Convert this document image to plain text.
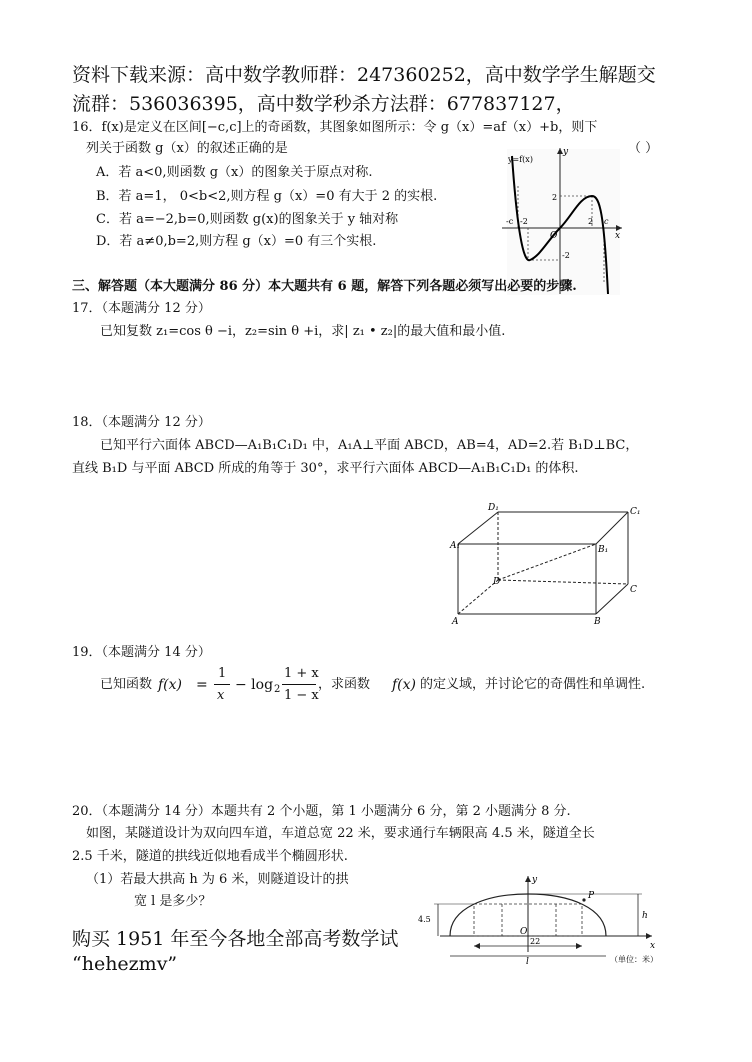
资料下载来源：高中数学教师群：247360252，高中数学学生解题交
流群：536036395，高中数学秒杀方法群：677837127，
16．f(x)是定义在区间[−c,c]上的奇函数，其图象如图所示：令 g（x）=af（x）+b，则下
列关于函数 g（x）的叙述正确的是	（ ）
A．若 a<0,则函数 g（x）的图象关于原点对称.
B．若 a=1， 0<b<2,则方程 g（x）=0 有大于 2 的实根.
C．若 a=−2,b=0,则函数 g(x)的图象关于 y 轴对称
D．若 a≠0,b=2,则方程 g（x）=0 有三个实根.
y=f(x)
y
x
O
-c -2
2
2 c
-2
三、解答题（本大题满分 86 分）本大题共有 6 题，解答下列各题必须写出必要的步骤.
17．（本题满分 12 分）
已知复数 z₁=cos θ −i，z₂=sin θ +i，求| z₁ • z₂|的最大值和最小值.
18．（本题满分 12 分）
已知平行六面体 ABCD—A₁B₁C₁D₁ 中，A₁A⊥平面 ABCD，AB=4，AD=2.若 B₁D⊥BC，
直线 B₁D 与平面 ABCD 所成的角等于 30°，求平行六面体 ABCD—A₁B₁C₁D₁ 的体积.
D₁	C₁
A₁	B₁
D
C
A	B
19．（本题满分 14 分）
已知函数 f(x) =
1
x
− log 2
1 + x
1 − x
，求函数 f(x) 的定义域，并讨论它的奇偶性和单调性.
20．（本题满分 14 分）本题共有 2 个小题，第 1 小题满分 6 分，第 2 小题满分 8 分.
如图，某隧道设计为双向四车道，车道总宽 22 米，要求通行车辆限高 4.5 米，隧道全长
2.5 千米，隧道的拱线近似地看成半个椭圆形状.
（1）若最大拱高 h 为 6 米，则隧道设计的拱
宽 l 是多少？
y
x
P
h
4.5
O
22
l	（单位：米）
购买 1951 年至今各地全部高考数学试
“hehezmv”
